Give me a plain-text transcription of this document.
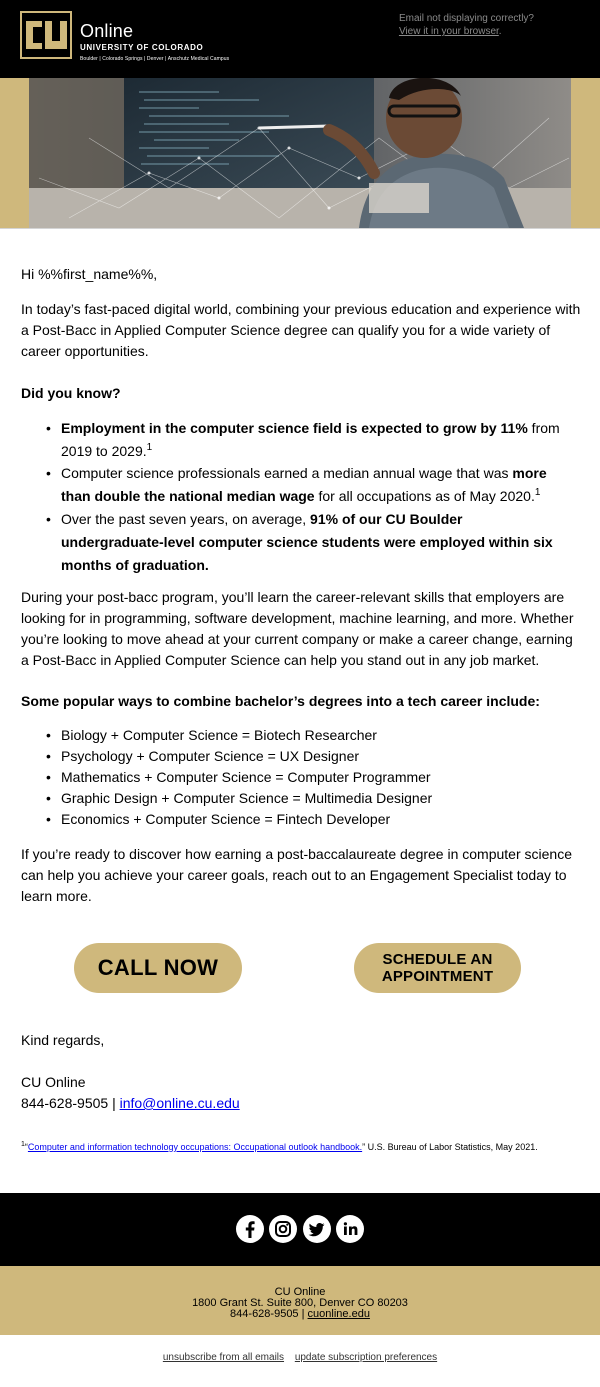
Online
UNIVERSITY OF COLORADO
Boulder | Colorado Springs | Denver | Anschutz Medical Campus
Email not displaying correctly?
View it in your browser.
Hi %%first_name%%,
In today’s fast-paced digital world, combining your previous education and experience with a Post-Bacc in Applied Computer Science degree can qualify you for a wide variety of career opportunities.
Did you know?
• Employment in the computer science field is expected to grow by 11% from 2019 to 2029.$^1$
• Computer science professionals earned a median annual wage that was more than double the national median wage for all occupations as of May 2020.$^1$
• Over the past seven years, on average, 91% of our CU Boulder undergraduate-level computer science students were employed within six months of graduation.
During your post-bacc program, you’ll learn the career-relevant skills that employers are looking for in programming, software development, machine learning, and more. Whether you’re looking to move ahead at your current company or make a career change, earning a Post-Bacc in Applied Computer Science can help you stand out in any job market.
Some popular ways to combine bachelor’s degrees into a tech career include:
• Biology + Computer Science = Biotech Researcher
• Psychology + Computer Science = UX Designer
• Mathematics + Computer Science = Computer Programmer
• Graphic Design + Computer Science = Multimedia Designer
• Economics + Computer Science = Fintech Developer
If you’re ready to discover how earning a post-baccalaureate degree in computer science can help you achieve your career goals, reach out to an Engagement Specialist today to learn more.
CALL NOW	SCHEDULE AN
APPOINTMENT
Kind regards,
CU Online
844-628-9505 | info@online.cu.edu
$^1$“Computer and information technology occupations: Occupational outlook handbook.” U.S. Bureau of Labor Statistics, May 2021.
CU Online
1800 Grant St. Suite 800, Denver CO 80203
844-628-9505 | cuonline.edu
unsubscribe from all emails update subscription preferences
